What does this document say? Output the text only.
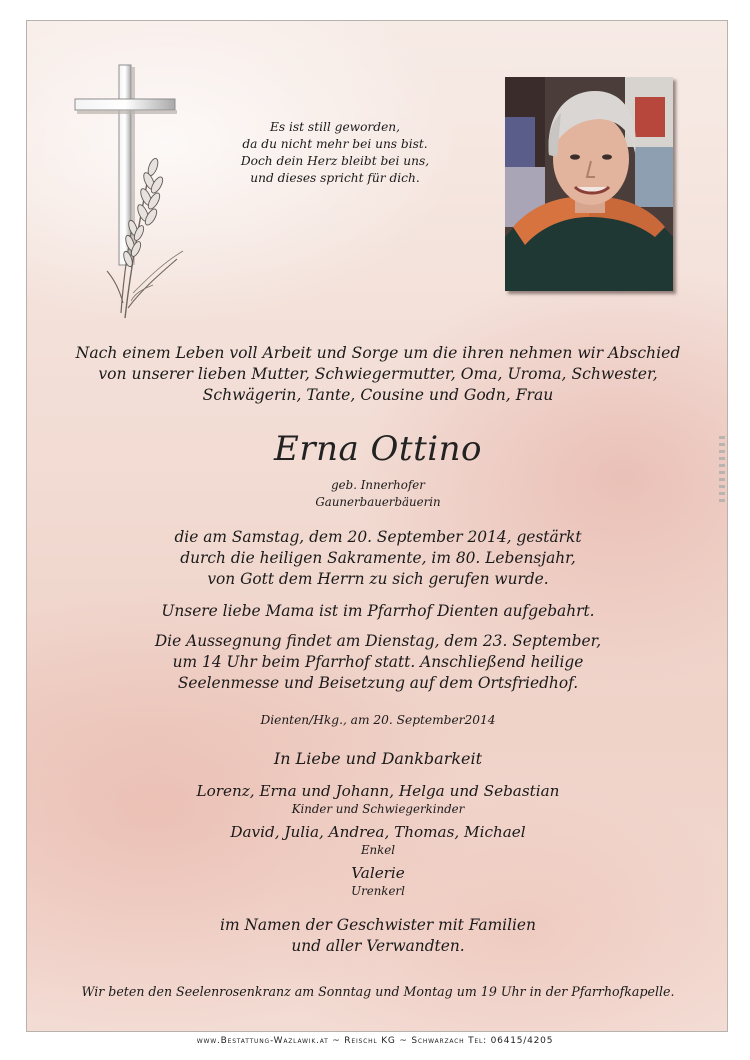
Es ist still geworden,
da du nicht mehr bei uns bist.
Doch dein Herz bleibt bei uns,
und dieses spricht für dich.
Nach einem Leben voll Arbeit und Sorge um die ihren nehmen wir Abschied
von unserer lieben Mutter, Schwiegermutter, Oma, Uroma, Schwester,
Schwägerin, Tante, Cousine und Godn, Frau
Erna Ottino
geb. Innerhofer
Gaunerbauerbäuerin
die am Samstag, dem 20. September 2014, gestärkt
durch die heiligen Sakramente, im 80. Lebensjahr,
von Gott dem Herrn zu sich gerufen wurde.
Unsere liebe Mama ist im Pfarrhof Dienten aufgebahrt.
Die Aussegnung findet am Dienstag, dem 23. September,
um 14 Uhr beim Pfarrhof statt. Anschließend heilige
Seelenmesse und Beisetzung auf dem Ortsfriedhof.
Dienten/Hkg., am 20. September2014
In Liebe und Dankbarkeit
Lorenz, Erna und Johann, Helga und Sebastian
Kinder und Schwiegerkinder
David, Julia, Andrea, Thomas, Michael
Enkel
Valerie
Urenkerl
im Namen der Geschwister mit Familien
und aller Verwandten.
Wir beten den Seelenrosenkranz am Sonntag und Montag um 19 Uhr in der Pfarrhofkapelle.
www.Bestattung-Wazlawik.at ~ Reischl KG ~ Schwarzach Tel: 06415/4205
